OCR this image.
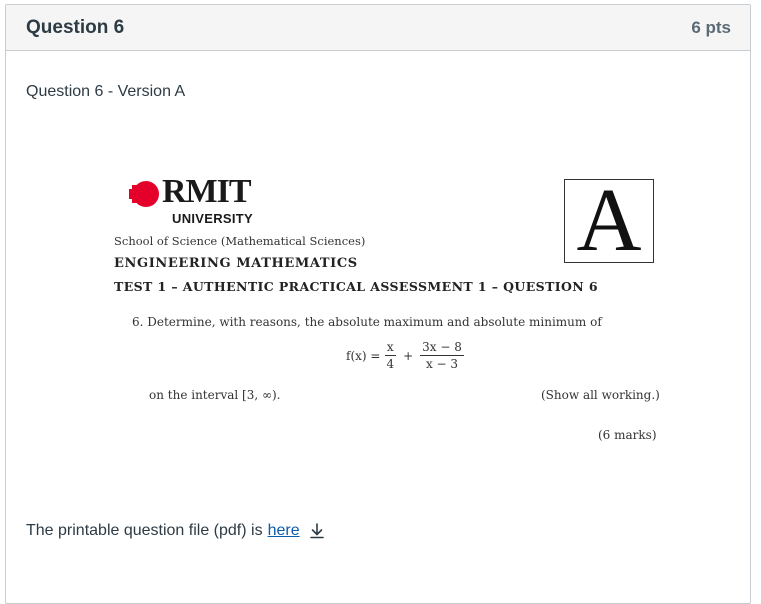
Question 6	6 pts
Question 6 - Version A
RMIT
UNIVERSITY	A
School of Science (Mathematical Sciences)
ENGINEERING MATHEMATICS
TEST 1 – AUTHENTIC PRACTICAL ASSESSMENT 1 – QUESTION 6
6. Determine, with reasons, the absolute maximum and absolute minimum of
$f(x) = \frac{x}{4} + \frac{3x - 8}{x - 3}$
on the interval [3, ∞).	(Show all working.)
(6 marks)
The printable question file (pdf) is here
